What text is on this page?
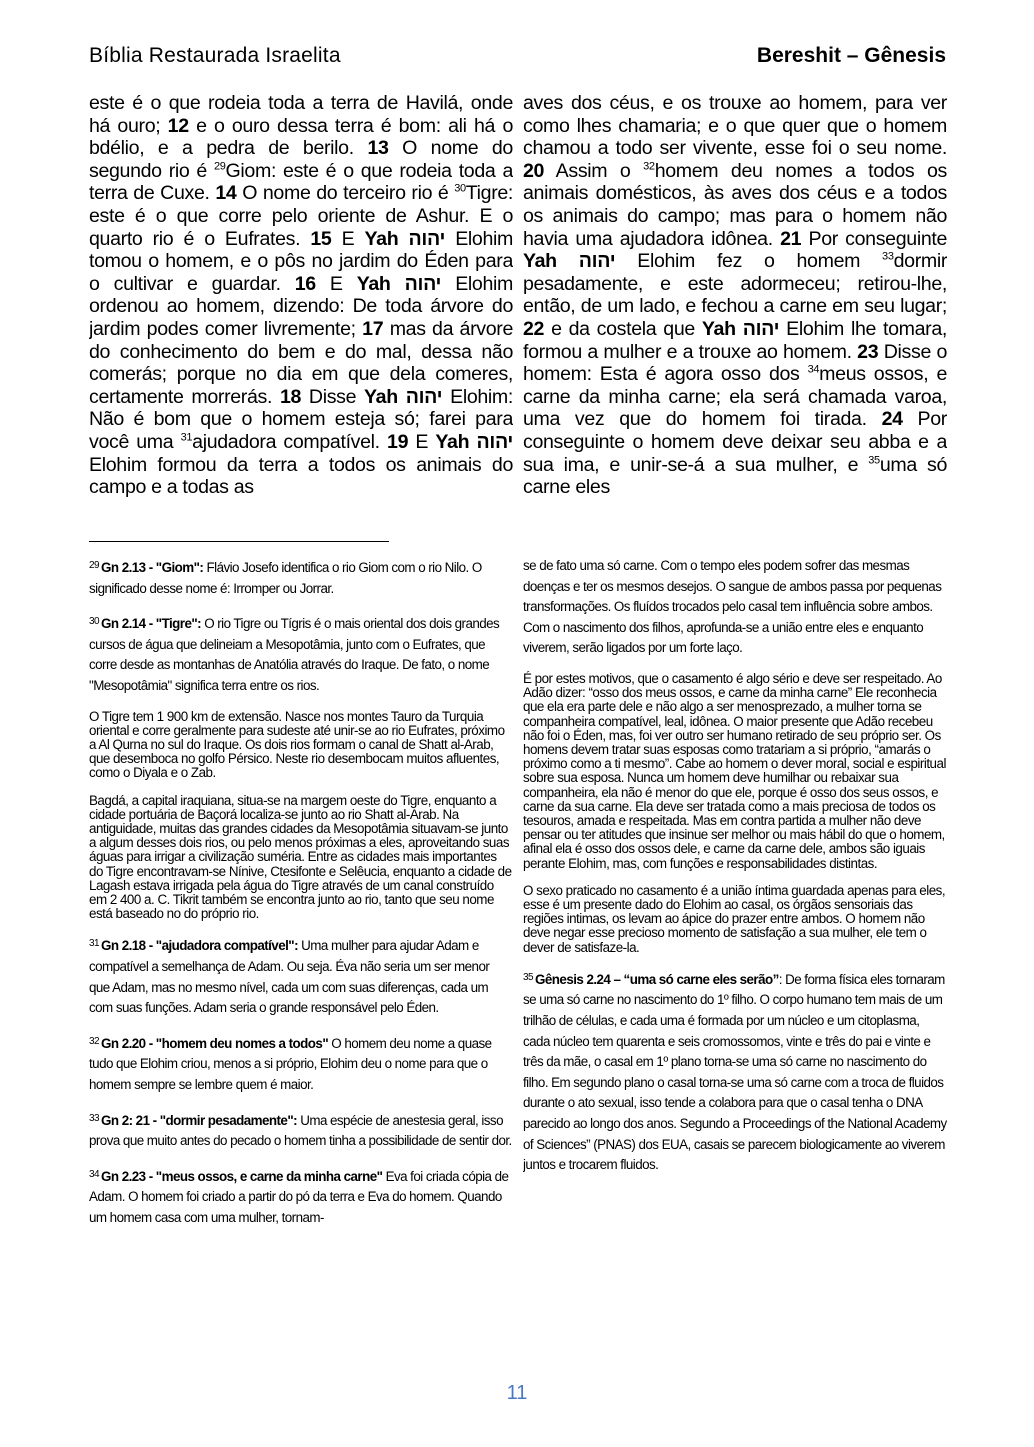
Bíblia Restaurada Israelita	Bereshit – Gênesis

este é o que rodeia toda a terra de Havilá, onde há ouro; 12 e o ouro dessa terra é bom: ali há o bdélio, e a pedra de berilo. 13 O nome do segundo rio é $^{29}$Giom: este é o que rodeia toda a terra de Cuxe. 14 O nome do terceiro rio é $^{30}$Tigre: este é o que corre pelo oriente de Ashur. E o quarto rio é o Eufrates. 15 E Yah יהוה Elohim tomou o homem, e o pôs no jardim do Éden para o cultivar e guardar. 16 E Yah יהוה Elohim ordenou ao homem, dizendo: De toda árvore do jardim podes comer livremente; 17 mas da árvore do conhecimento do bem e do mal, dessa não comerás; porque no dia em que dela comeres, certamente morrerás. 18 Disse Yah יהוה Elohim: Não é bom que o homem esteja só; farei para você uma $^{31}$ajudadora compatível. 19 E Yah יהוה Elohim formou da terra a todos os animais do campo e a todas as

aves dos céus, e os trouxe ao homem, para ver como lhes chamaria; e o que quer que o homem chamou a todo ser vivente, esse foi o seu nome. 20 Assim o $^{32}$homem deu nomes a todos os animais domésticos, às aves dos céus e a todos os animais do campo; mas para o homem não havia uma ajudadora idônea. 21 Por conseguinte Yah יהוה Elohim fez o homem $^{33}$dormir pesadamente, e este adormeceu; retirou-lhe, então, de um lado, e fechou a carne em seu lugar; 22 e da costela que Yah יהוה Elohim lhe tomara, formou a mulher e a trouxe ao homem. 23 Disse o homem: Esta é agora osso dos $^{34}$meus ossos, e carne da minha carne; ela será chamada varoa, uma vez que do homem foi tirada. 24 Por conseguinte o homem deve deixar seu abba e a sua ima, e unir-se-á a sua mulher, e $^{35}$uma só carne eles

$^{29}$ Gn 2.13 - "Giom": Flávio Josefo identifica o rio Giom com o rio Nilo. O significado desse nome é: Irromper ou Jorrar.

$^{30}$ Gn 2.14 - "Tigre": O rio Tigre ou Tígris é o mais oriental dos dois grandes cursos de água que delineiam a Mesopotâmia, junto com o Eufrates, que corre desde as montanhas de Anatólia através do Iraque. De fato, o nome "Mesopotâmia" significa terra entre os rios.

O Tigre tem 1 900 km de extensão. Nasce nos montes Tauro da Turquia oriental e corre geralmente para sudeste até unir-se ao rio Eufrates, próximo a Al Qurna no sul do Iraque. Os dois rios formam o canal de Shatt al-Arab, que desemboca no golfo Pérsico. Neste rio desembocam muitos afluentes, como o Diyala e o Zab.

Bagdá, a capital iraquiana, situa-se na margem oeste do Tigre, enquanto a cidade portuária de Baçorá localiza-se junto ao rio Shatt al-Arab. Na antiguidade, muitas das grandes cidades da Mesopotâmia situavam-se junto a algum desses dois rios, ou pelo menos próximas a eles, aproveitando suas águas para irrigar a civilização suméria. Entre as cidades mais importantes do Tigre encontravam-se Nínive, Ctesifonte e Selêucia, enquanto a cidade de Lagash estava irrigada pela água do Tigre através de um canal construído em 2 400 a. C. Tikrit também se encontra junto ao rio, tanto que seu nome está baseado no do próprio rio.

$^{31}$ Gn 2.18 - "ajudadora compatível": Uma mulher para ajudar Adam e compatível a semelhança de Adam. Ou seja. Éva não seria um ser menor que Adam, mas no mesmo nível, cada um com suas diferenças, cada um com suas funções. Adam seria o grande responsável pelo Éden.

$^{32}$ Gn 2.20 - "homem deu nomes a todos" O homem deu nome a quase tudo que Elohim criou, menos a si próprio, Elohim deu o nome para que o homem sempre se lembre quem é maior.

$^{33}$ Gn 2: 21 - "dormir pesadamente": Uma espécie de anestesia geral, isso prova que muito antes do pecado o homem tinha a possibilidade de sentir dor.

$^{34}$ Gn 2.23 - "meus ossos, e carne da minha carne" Eva foi criada cópia de Adam. O homem foi criado a partir do pó da terra e Eva do homem. Quando um homem casa com uma mulher, tornam-

se de fato uma só carne. Com o tempo eles podem sofrer das mesmas doenças e ter os mesmos desejos. O sangue de ambos passa por pequenas transformações. Os fluídos trocados pelo casal tem influência sobre ambos. Com o nascimento dos filhos, aprofunda-se a união entre eles e enquanto viverem, serão ligados por um forte laço.

É por estes motivos, que o casamento é algo sério e deve ser respeitado. Ao Adão dizer: “osso dos meus ossos, e carne da minha carne” Ele reconhecia que ela era parte dele e não algo a ser menosprezado, a mulher torna se companheira compatível, leal, idônea. O maior presente que Adão recebeu não foi o Éden, mas, foi ver outro ser humano retirado de seu próprio ser. Os homens devem tratar suas esposas como tratariam a si próprio, “amarás o próximo como a ti mesmo”. Cabe ao homem o dever moral, social e espiritual sobre sua esposa. Nunca um homem deve humilhar ou rebaixar sua companheira, ela não é menor do que ele, porque é osso dos seus ossos, e carne da sua carne. Ela deve ser tratada como a mais preciosa de todos os tesouros, amada e respeitada. Mas em contra partida a mulher não deve pensar ou ter atitudes que insinue ser melhor ou mais hábil do que o homem, afinal ela é osso dos ossos dele, e carne da carne dele, ambos são iguais perante Elohim, mas, com funções e responsabilidades distintas.

O sexo praticado no casamento é a união íntima guardada apenas para eles, esse é um presente dado do Elohim ao casal, os órgãos sensoriais das regiões intimas, os levam ao ápice do prazer entre ambos. O homem não deve negar esse precioso momento de satisfação a sua mulher, ele tem o dever de satisfaze-la.

$^{35}$ Gênesis 2.24 – “uma só carne eles serão”: De forma física eles tornaram se uma só carne no nascimento do 1º filho. O corpo humano tem mais de um trilhão de células, e cada uma é formada por um núcleo e um citoplasma, cada núcleo tem quarenta e seis cromossomos, vinte e três do pai e vinte e três da mãe, o casal em 1º plano torna-se uma só carne no nascimento do filho. Em segundo plano o casal torna-se uma só carne com a troca de fluidos durante o ato sexual, isso tende a colabora para que o casal tenha o DNA parecido ao longo dos anos. Segundo a Proceedings of the National Academy of Sciences” (PNAS) dos EUA, casais se parecem biologicamente ao viverem juntos e trocarem fluidos.

11
